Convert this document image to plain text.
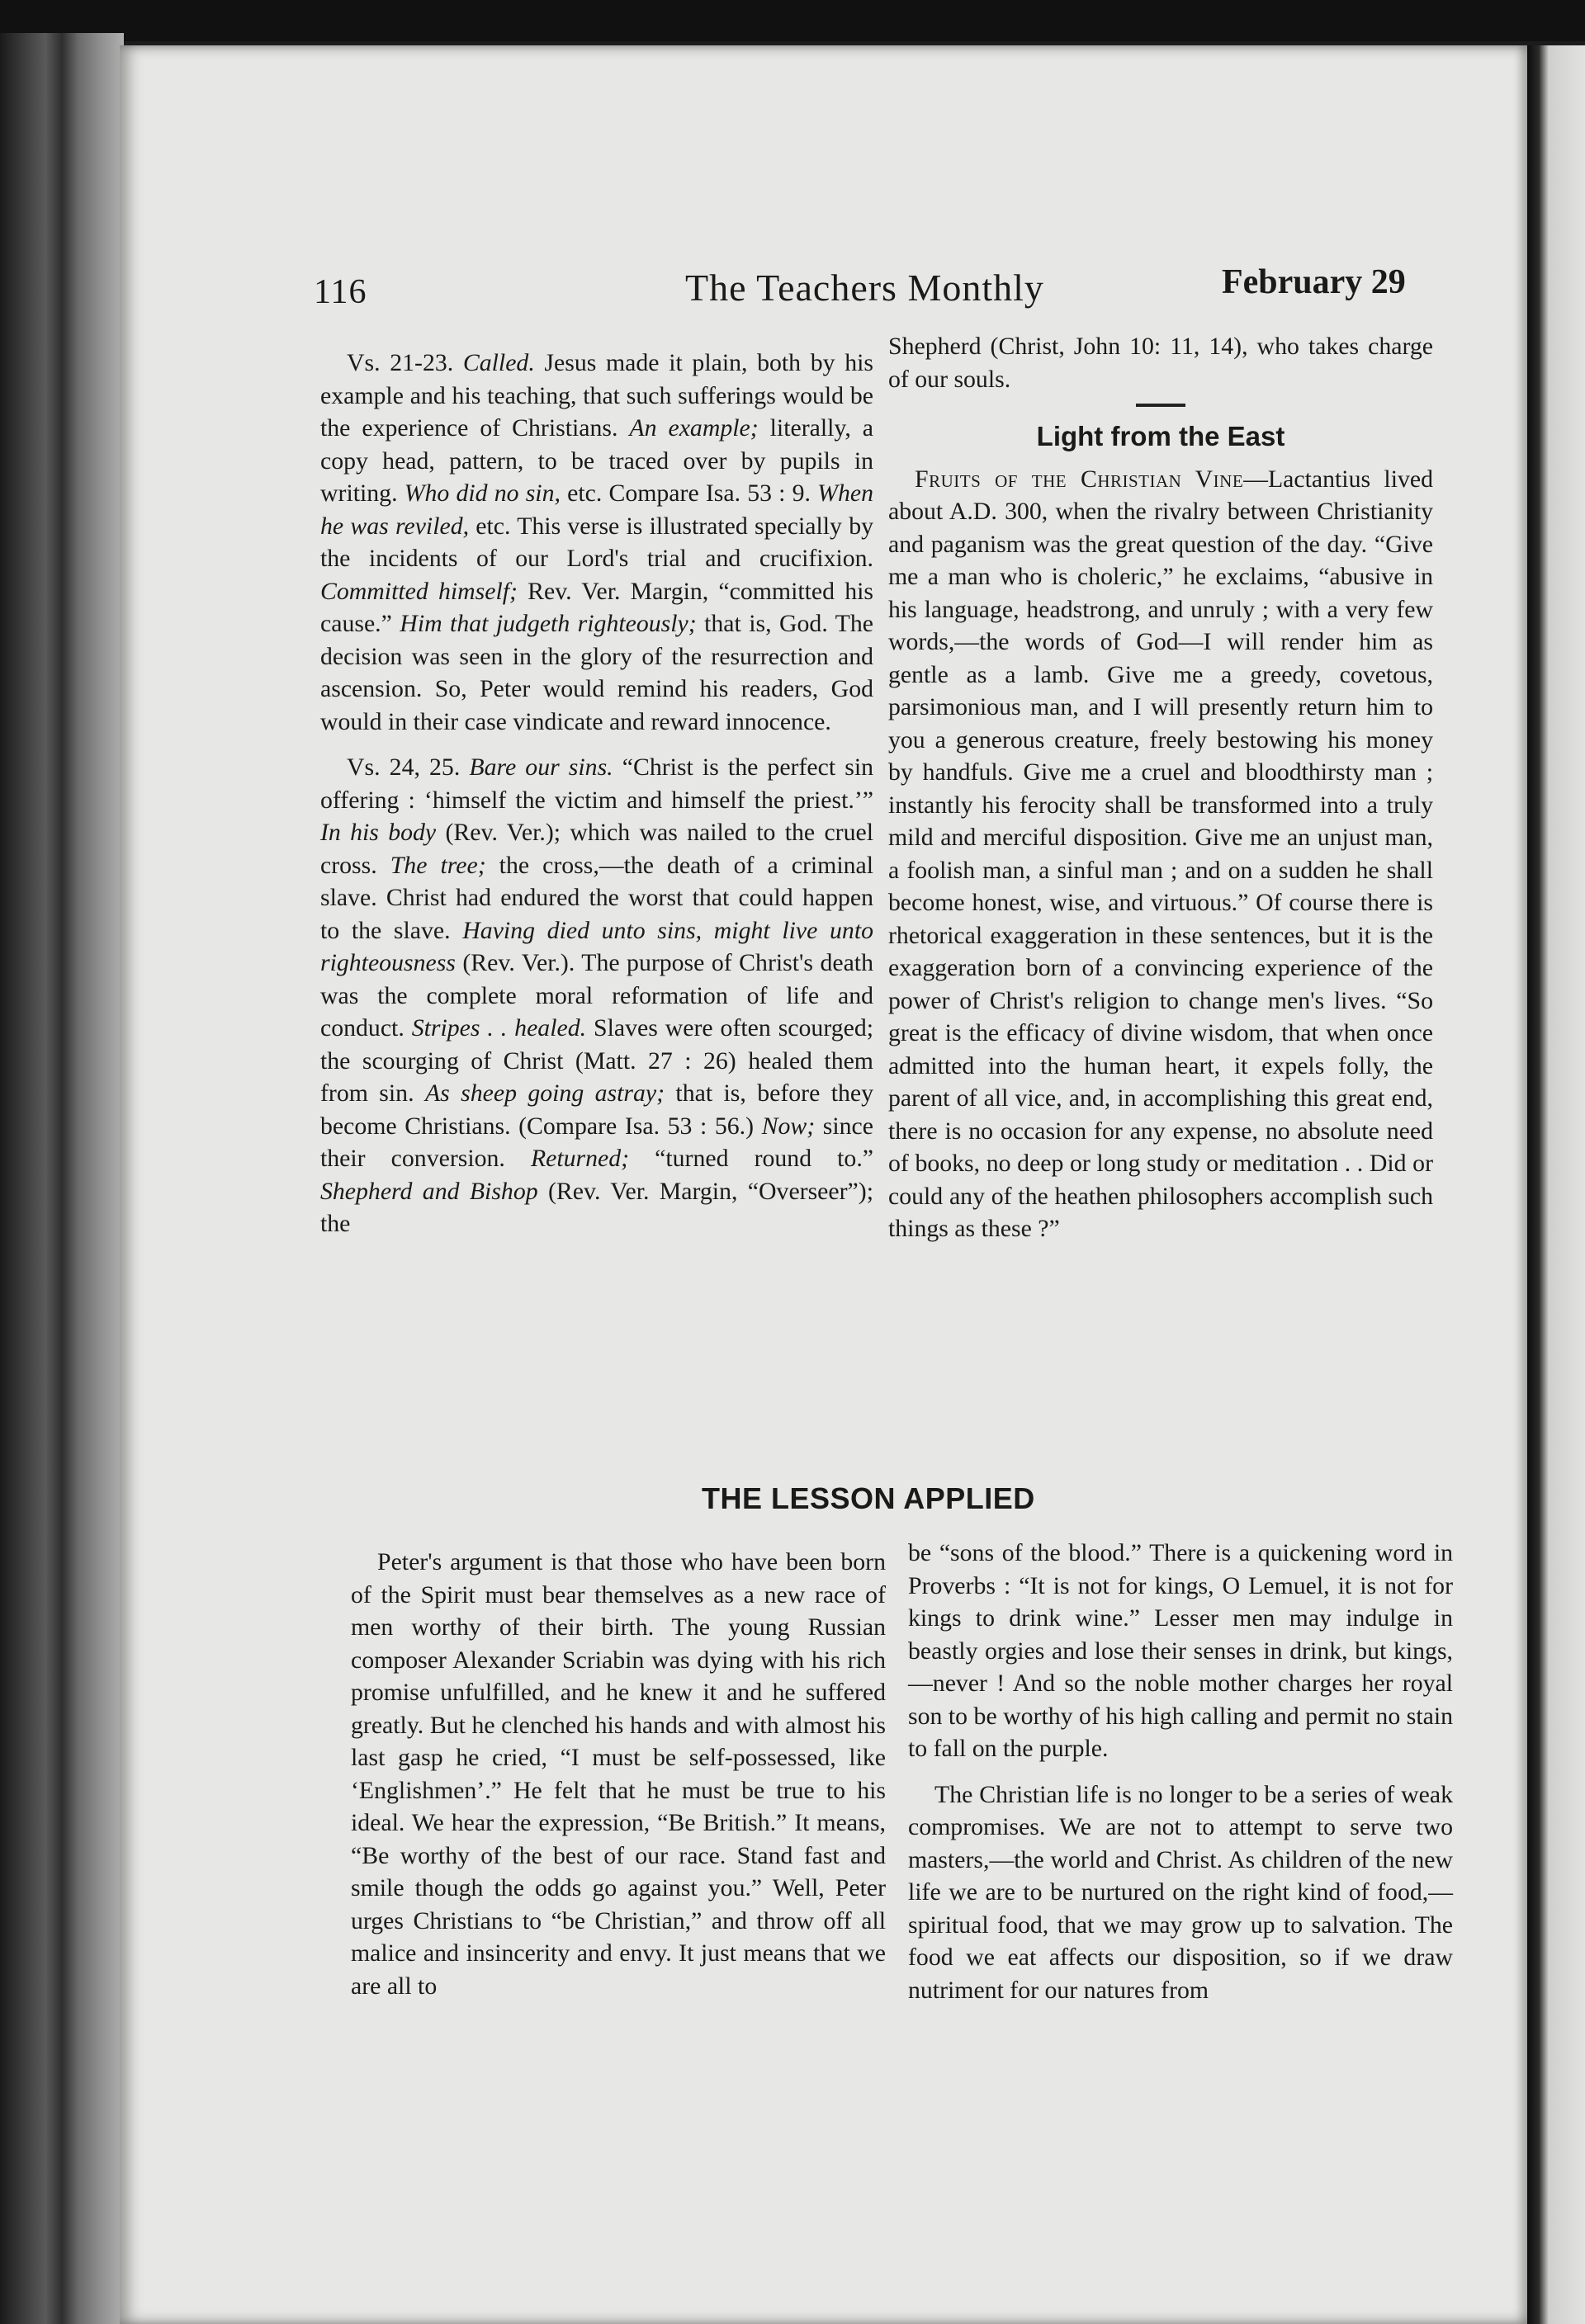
116	The Teachers Monthly	February 29

Vs. 21-23. Called. Jesus made it plain, both by his example and his teaching, that such sufferings would be the experience of Christians. An example; literally, a copy head, pattern, to be traced over by pupils in writing. Who did no sin, etc. Compare Isa. 53 : 9. When he was reviled, etc. This verse is illustrated specially by the incidents of our Lord's trial and crucifixion. Committed himself; Rev. Ver. Margin, “committed his cause.” Him that judgeth righteously; that is, God. The decision was seen in the glory of the resurrection and ascension. So, Peter would remind his readers, God would in their case vindicate and reward innocence.

Vs. 24, 25. Bare our sins. “Christ is the perfect sin offering : ‘himself the victim and himself the priest.’” In his body (Rev. Ver.); which was nailed to the cruel cross. The tree; the cross,—the death of a criminal slave. Christ had endured the worst that could happen to the slave. Having died unto sins, might live unto righteousness (Rev. Ver.). The purpose of Christ's death was the complete moral reformation of life and conduct. Stripes . . healed. Slaves were often scourged; the scourging of Christ (Matt. 27 : 26) healed them from sin. As sheep going astray; that is, before they become Christians. (Compare Isa. 53 : 56.) Now; since their conversion. Returned; “turned round to.” Shepherd and Bishop (Rev. Ver. Margin, “Overseer”); the

Shepherd (Christ, John 10: 11, 14), who takes charge of our souls.

Light from the East

Fruits of the Christian Vine—Lactantius lived about A.D. 300, when the rivalry between Christianity and paganism was the great question of the day. “Give me a man who is choleric,” he exclaims, “abusive in his language, headstrong, and unruly ; with a very few words,—the words of God—I will render him as gentle as a lamb. Give me a greedy, covetous, parsimonious man, and I will presently return him to you a generous creature, freely bestowing his money by handfuls. Give me a cruel and bloodthirsty man ; instantly his ferocity shall be transformed into a truly mild and merciful disposition. Give me an unjust man, a foolish man, a sinful man ; and on a sudden he shall become honest, wise, and virtuous.” Of course there is rhetorical exaggeration in these sentences, but it is the exaggeration born of a convincing experience of the power of Christ's religion to change men's lives. “So great is the efficacy of divine wisdom, that when once admitted into the human heart, it expels folly, the parent of all vice, and, in accomplishing this great end, there is no occasion for any expense, no absolute need of books, no deep or long study or meditation . . Did or could any of the heathen philosophers accomplish such things as these ?”

THE LESSON APPLIED

Peter's argument is that those who have been born of the Spirit must bear themselves as a new race of men worthy of their birth. The young Russian composer Alexander Scriabin was dying with his rich promise unfulfilled, and he knew it and he suffered greatly. But he clenched his hands and with almost his last gasp he cried, “I must be self-possessed, like ‘Englishmen’.” He felt that he must be true to his ideal. We hear the expression, “Be British.” It means, “Be worthy of the best of our race. Stand fast and smile though the odds go against you.” Well, Peter urges Christians to “be Christian,” and throw off all malice and insincerity and envy. It just means that we are all to

be “sons of the blood.” There is a quickening word in Proverbs : “It is not for kings, O Lemuel, it is not for kings to drink wine.” Lesser men may indulge in beastly orgies and lose their senses in drink, but kings,—never ! And so the noble mother charges her royal son to be worthy of his high calling and permit no stain to fall on the purple.

The Christian life is no longer to be a series of weak compromises. We are not to attempt to serve two masters,—the world and Christ. As children of the new life we are to be nurtured on the right kind of food,—spiritual food, that we may grow up to salvation. The food we eat affects our disposition, so if we draw nutriment for our natures from
